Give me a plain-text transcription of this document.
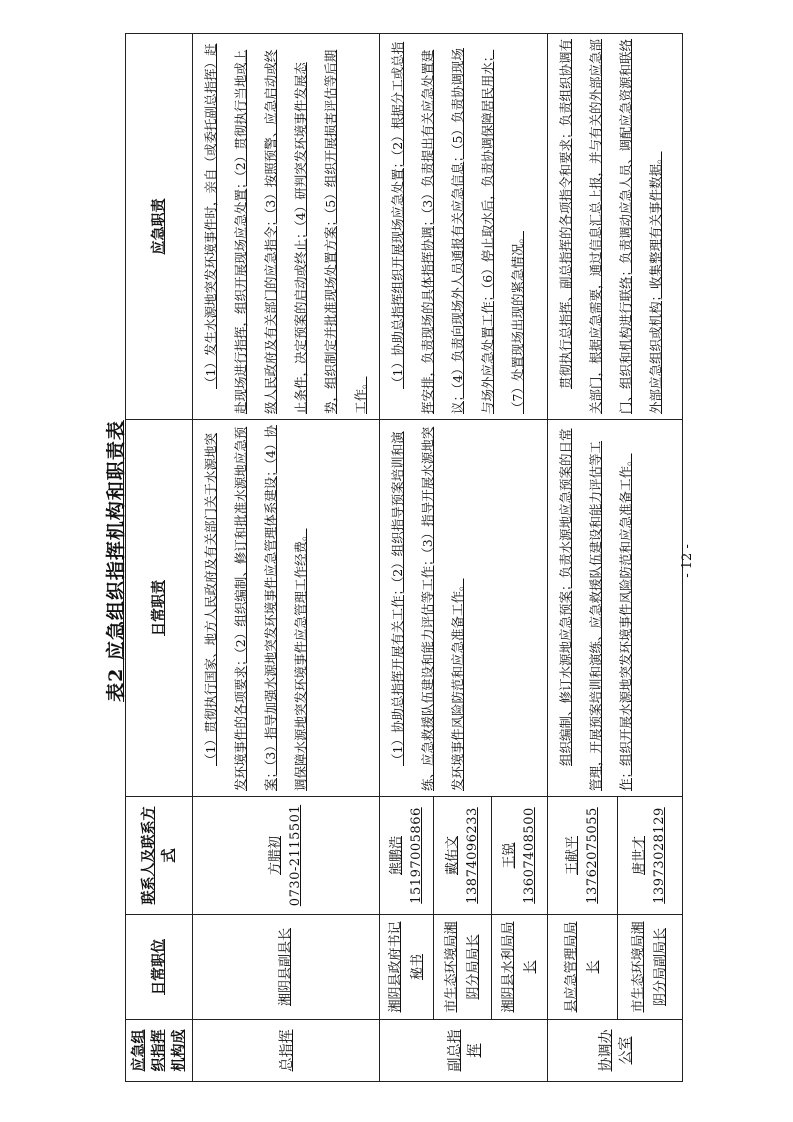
表2 应急组织指挥机构和职责表
应急组织指挥机构成	日常职位	联系人及联系方式	日常职责	应急职责
总指挥	湘阴县副县长	方腊初 0730-2115501	（1）贯彻执行国家、地方人民政府及有关部门关于水源地突发环境事件的各项要求；（2）组织编制、修订和批准水源地应急预案；（3）指导加强水源地突发环境事件应急管理体系建设；（4）协调保障水源地突发环境事件应急管理工作经费。	（1）发生水源地突发环境事件时，亲自（或委托副总指挥）赶赴现场进行指挥，组织开展现场应急处置；（2）贯彻执行当地或上级人民政府及有关部门的应急指令；（3）按照预警、应急启动或终止条件，决定预案的启动或终止；（4）研判突发环境事件发展态势，组织制定并批准现场处置方案；（5）组织开展损害评估等后期工作。

副总指挥	湘阴县政府书记秘书	熊鹏浩 15197005866	（1）协助总指挥开展有关工作；（2）组织指导预案培训和演练、应急救援队伍建设和能力评估等工作；（3）指导开展水源地突发环境事件风险防范和应急准备工作。	（1）协助总指挥组织开展现场应急处置；（2）根据分工或总指挥安排，负责现场的具体指挥协调；（3）负责提出有关应急处置建议；（4）负责向现场外人员通报有关应急信息；（5）负责协调现场与场外应急处置工作；（6）停止取水后，负责协调保障居民用水；（7）处置现场出现的紧急情况。

	市生态环境局湘阴分局局长	戴佑文 13874096233		

	湘阴县水利局局长	王锐 13607408500		

协调办公室	县应急管理局局长	王献平 13762075055	组织编制、修订水源地应急预案；负责水源地应急预案的日常管理，开展预案培训和演练、应急救援队伍建设和能力评估等工作；组织开展水源地突发环境事件风险防范和应急准备工作。	贯彻执行总指挥、副总指挥的各项指令和要求；负责组织协调有关部门，根据应急需要，通过信息汇总上报，并与有关的外部应急部门、组织和机构进行联络；负责调动应急人员、调配应急资源和联络外部应急组织或机构；收集整理有关事件数据。

	市生态环境局湘阴分局副局长	唐世才 13973028129		
- 12 -
